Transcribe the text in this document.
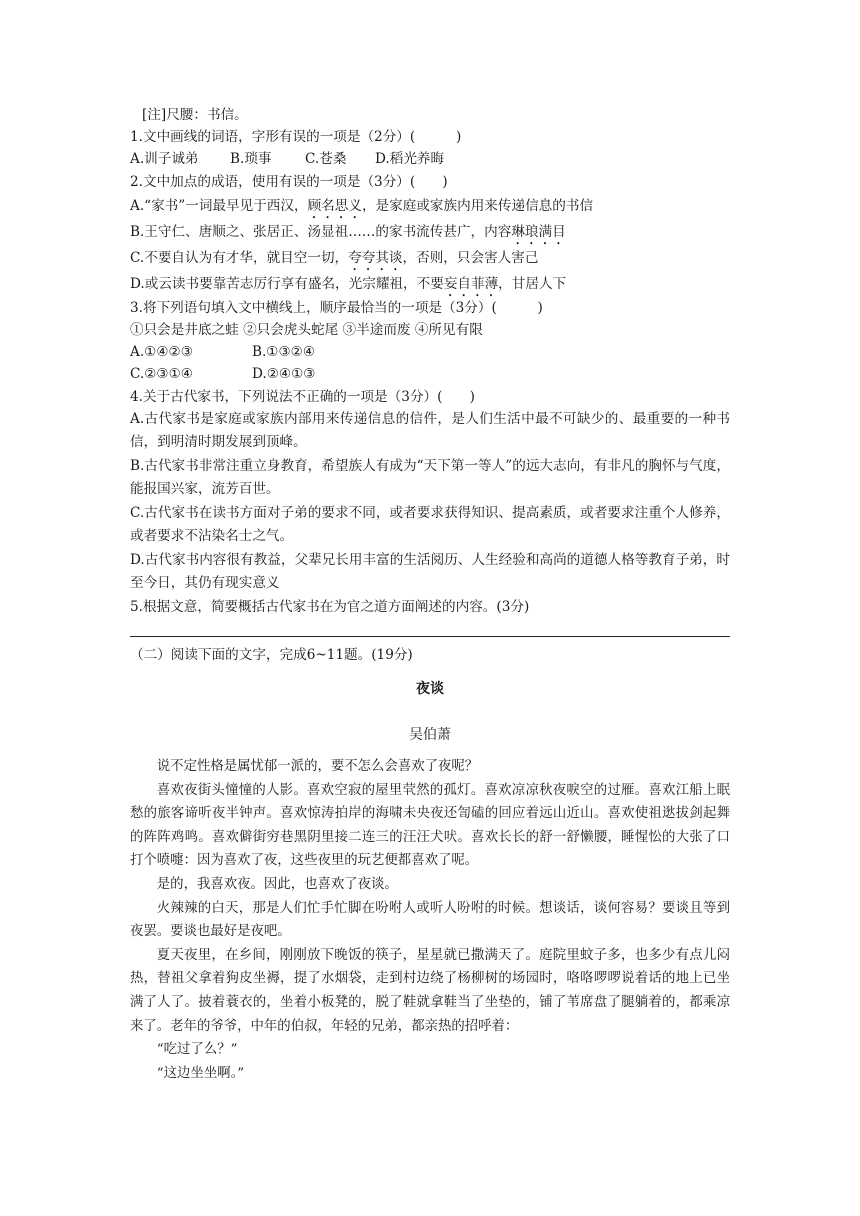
[注]尺腰：书信。
1.文中画线的词语，字形有误的一项是（2分）(　　　)
A.训子诚弟 B.琐事 C.苍桑 D.稻光养晦
2.文中加点的成语，使用有误的一项是（3分）(　　)
A.“家书”一词最早见于西汉，顾名思义，是家庭或家族内用来传递信息的书信
B.王守仁、唐顺之、张居正、汤显祖……的家书流传甚广，内容琳琅满目
C.不要自认为有才华，就目空一切，夸夸其谈，否则，只会害人害己
D.或云读书要靠苦志厉行享有盛名，光宗耀祖，不要妄自菲薄，甘居人下
3.将下列语句填入文中横线上，顺序最恰当的一项是（3分）(　　　)
①只会是井底之蛙 ②只会虎头蛇尾 ③半途而废 ④所见有限
A.①④②③	B.①③②④
C.②③①④	D.②④①③
4.关于古代家书，下列说法不正确的一项是（3分）(　　)

A.古代家书是家庭或家族内部用来传递信息的信件，是人们生活中最不可缺少的、最重要的一种书信，到明清时期发展到顶峰。

B.古代家书非常注重立身教育，希望族人有成为“天下第一等人”的远大志向，有非凡的胸怀与气度，能报国兴家，流芳百世。

C.古代家书在读书方面对子弟的要求不同，或者要求获得知识、提高素质，或者要求注重个人修养，或者要求不沾染名士之气。

D.古代家书内容很有教益，父辈兄长用丰富的生活阅历、人生经验和高尚的道德人格等教育子弟，时至今日，其仍有现实意义

5.根据文意，简要概括古代家书在为官之道方面阐述的内容。(3分)
（二）阅读下面的文字，完成6~11题。(19分)
夜谈
吴伯萧

说不定性格是属忧郁一派的，要不怎么会喜欢了夜呢？

喜欢夜街头憧憧的人影。喜欢空寂的屋里茕然的孤灯。喜欢凉凉秋夜唳空的过雁。喜欢江船上眠愁的旅客谛听夜半钟声。喜欢惊涛拍岸的海啸未央夜还訇磕的回应着远山近山。喜欢使祖逖拔剑起舞的阵阵鸡鸣。喜欢僻街穷巷黑阴里接二连三的汪汪犬吠。喜欢长长的舒一舒懒腰，睡惺忪的大张了口打个喷嚏：因为喜欢了夜，这些夜里的玩艺便都喜欢了呢。

是的，我喜欢夜。因此，也喜欢了夜谈。

火辣辣的白天，那是人们忙手忙脚在吩咐人或听人吩咐的时候。想谈话，谈何容易？要谈且等到夜罢。要谈也最好是夜吧。

夏天夜里，在乡间，刚刚放下晚饭的筷子，星星就已撒满天了。庭院里蚊子多，也多少有点儿闷热，替祖父拿着狗皮坐褥，提了水烟袋，走到村边绕了杨柳树的场园时，咯咯啰啰说着话的地上已坐满了人了。披着蓑衣的，坐着小板凳的，脱了鞋就拿鞋当了坐垫的，铺了苇席盘了腿躺着的，都乘凉来了。老年的爷爷，中年的伯叔，年轻的兄弟，都亲热的招呼着：

“吃过了么？”

“这边坐坐啊。”
